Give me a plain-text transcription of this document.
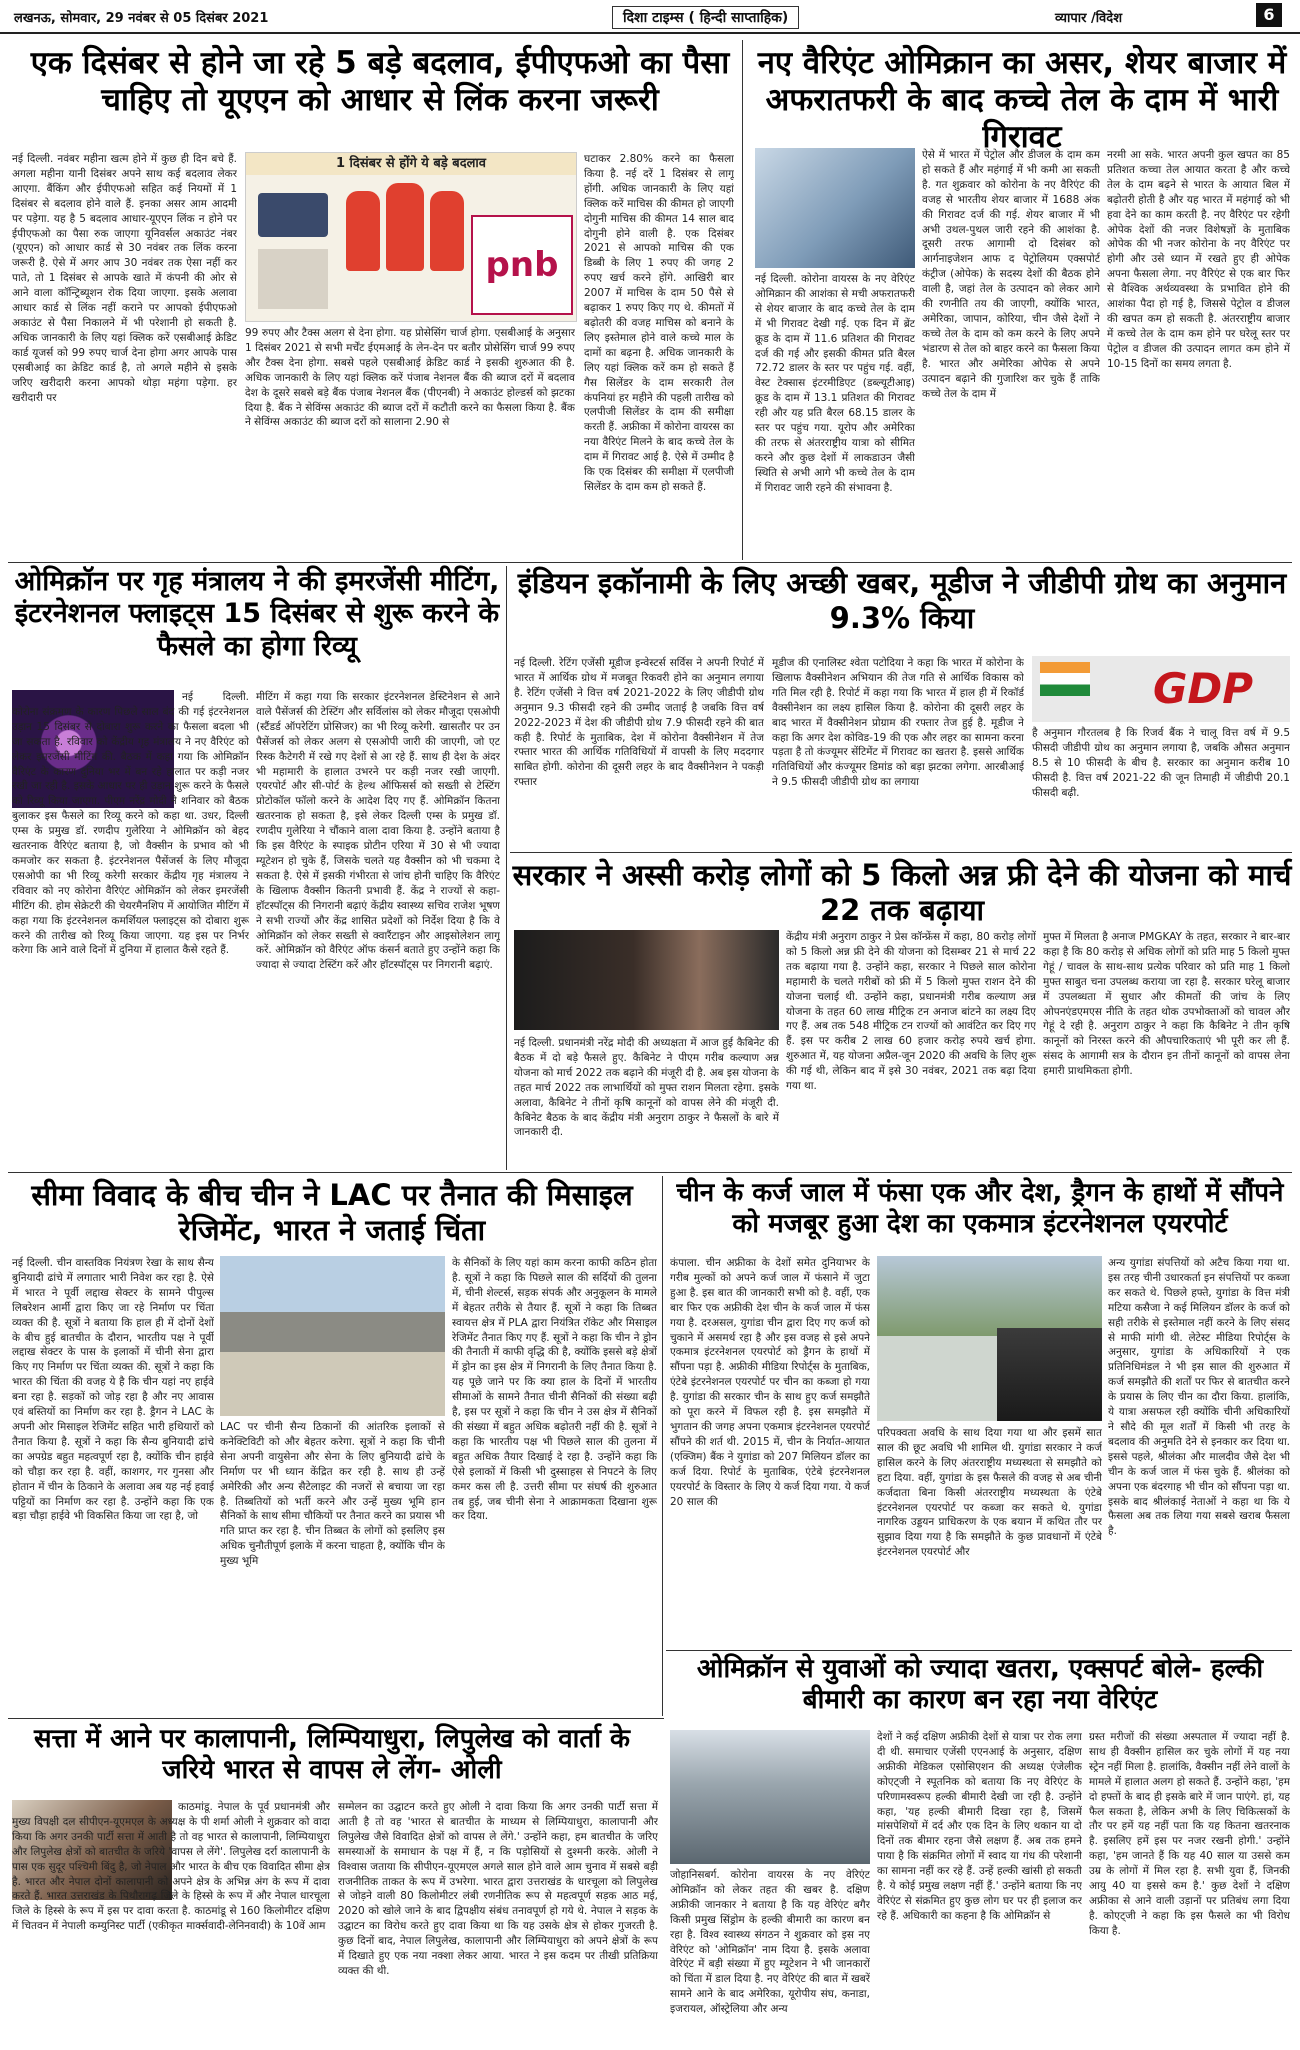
लखनऊ, सोमवार, 29 नवंबर से 05 दिसंबर 2021	दिशा टाइम्स ( हिन्दी साप्ताहिक)	व्यापार /विदेश	6
एक दिसंबर से होने जा रहे 5 बड़े बदलाव, ईपीएफओ का पैसा चाहिए तो यूएएन को आधार से लिंक करना जरूरी
नई दिल्ली. नवंबर महीना खत्म होने में कुछ ही दिन बचे हैं. अगला महीना यानी दिसंबर अपने साथ कई बदलाव लेकर आएगा. बैंकिंग और ईपीएफओ सहित कई नियमों में 1 दिसंबर से बदलाव होने वाले हैं. इनका असर आम आदमी पर पड़ेगा. यह है 5 बदलाव आधार-यूएएन लिंक न होने पर ईपीएफओ का पैसा रुक जाएगा यूनिवर्सल अकाउंट नंबर (यूएएन) को आधार कार्ड से 30 नवंबर तक लिंक करना जरूरी है. ऐसे में अगर आप 30 नवंबर तक ऐसा नहीं कर पाते, तो 1 दिसंबर से आपके खाते में कंपनी की ओर से आने वाला कॉन्ट्रिब्यूशन रोक दिया जाएगा. इसके अलावा आधार कार्ड से लिंक नहीं कराने पर आपको ईपीएफओ अकाउंट से पैसा निकालने में भी परेशानी हो सकती है. अधिक जानकारी के लिए यहां क्लिक करें एसबीआई क्रेडिट कार्ड यूजर्स को 99 रुपए चार्ज देना होगा अगर आपके पास एसबीआई का क्रेडिट कार्ड है, तो अगले महीने से इसके जरिए खरीदारी करना आपको थोड़ा महंगा पड़ेगा. हर खरीदारी पर
1 दिसंबर से होंगे ये बड़े बदलाव
pnb
99 रुपए और टैक्स अलग से देना होगा. यह प्रोसेसिंग चार्ज होगा. एसबीआई के अनुसार 1 दिसंबर 2021 से सभी मर्चेंट ईएमआई के लेन-देन पर बतौर प्रोसेसिंग चार्ज 99 रुपए और टैक्स देना होगा. सबसे पहले एसबीआई क्रेडिट कार्ड ने इसकी शुरुआत की है. अधिक जानकारी के लिए यहां क्लिक करें पंजाब नेशनल बैंक की ब्याज दरों में बदलाव देश के दूसरे सबसे बड़े बैंक पंजाब नेशनल बैंक (पीएनबी) ने अकाउंट होल्डर्स को झटका दिया है. बैंक ने सेविंग्स अकाउंट की ब्याज दरों में कटौती करने का फैसला किया है. बैंक ने सेविंग्स अकाउंट की ब्याज दरों को सालाना 2.90 से
घटाकर 2.80% करने का फैसला किया है. नई दरें 1 दिसंबर से लागू होंगी. अधिक जानकारी के लिए यहां क्लिक करें माचिस की कीमत हो जाएगी दोगुनी माचिस की कीमत 14 साल बाद दोगुनी होने वाली है. एक दिसंबर 2021 से आपको माचिस की एक डिब्बी के लिए 1 रुपए की जगह 2 रुपए खर्च करने होंगे. आखिरी बार 2007 में माचिस के दाम 50 पैसे से बढ़ाकर 1 रुपए किए गए थे. कीमतों में बढ़ोतरी की वजह माचिस को बनाने के लिए इस्तेमाल होने वाले कच्चे माल के दामों का बढ़ना है. अधिक जानकारी के लिए यहां क्लिक करें कम हो सकते हैं गैस सिलेंडर के दाम सरकारी तेल कंपनियां हर महीने की पहली तारीख को एलपीजी सिलेंडर के दाम की समीक्षा करती हैं. अफ्रीका में कोरोना वायरस का नया वैरिएंट मिलने के बाद कच्चे तेल के दाम में गिरावट आई है. ऐसे में उम्मीद है कि एक दिसंबर की समीक्षा में एलपीजी सिलेंडर के दाम कम हो सकते हैं.
नए वैरिएंट ओमिक्रान का असर, शेयर बाजार में अफरातफरी के बाद कच्चे तेल के दाम में भारी गिरावट
नई दिल्ली. कोरोना वायरस के नए वेरिएंट ओमिक्रान की आशंका से मची अफरातफरी से शेयर बाजार के बाद कच्चे तेल के दाम में भी गिरावट देखी गई. एक दिन में ब्रेंट क्रूड के दाम में 11.6 प्रतिशत की गिरावट दर्ज की गई और इसकी कीमत प्रति बैरल 72.72 डालर के स्तर पर पहुंच गई. वहीं, वेस्ट टेक्सास इंटरमीडिएट (डब्ल्यूटीआइ) क्रूड के दाम में 13.1 प्रतिशत की गिरावट रही और यह प्रति बैरल 68.15 डालर के स्तर पर पहुंच गया. यूरोप और अमेरिका की तरफ से अंतरराष्ट्रीय यात्रा को सीमित करने और कुछ देशों में लाकडाउन जैसी स्थिति से अभी आगे भी कच्चे तेल के दाम में गिरावट जारी रहने की संभावना है.
ऐसे में भारत में पेट्रोल और डीजल के दाम कम हो सकते हैं और महंगाई में भी कमी आ सकती है. गत शुक्रवार को कोरोना के नए वैरिएंट की वजह से भारतीय शेयर बाजार में 1688 अंक की गिरावट दर्ज की गई. शेयर बाजार में भी अभी उथल-पुथल जारी रहने की आशंका है. दूसरी तरफ आगामी दो दिसंबर को आर्गनाइजेशन आफ द पेट्रोलियम एक्सपोर्ट कंट्रीज (ओपेक) के सदस्य देशों की बैठक होने वाली है, जहां तेल के उत्पादन को लेकर आगे की रणनीति तय की जाएगी, क्योंकि भारत, अमेरिका, जापान, कोरिया, चीन जैसे देशों ने कच्चे तेल के दाम को कम करने के लिए अपने भंडारण से तेल को बाहर करने का फैसला किया है. भारत और अमेरिका ओपेक से अपने उत्पादन बढ़ाने की गुजारिश कर चुके हैं ताकि कच्चे तेल के दाम में
नरमी आ सके. भारत अपनी कुल खपत का 85 प्रतिशत कच्चा तेल आयात करता है और कच्चे तेल के दाम बढ़ने से भारत के आयात बिल में बढ़ोतरी होती है और यह भारत में महंगाई को भी हवा देने का काम करती है. नए वैरिएंट पर रहेगी ओपेक देशों की नजर विशेषज्ञों के मुताबिक ओपेक की भी नजर कोरोना के नए वैरिएंट पर होगी और उसे ध्यान में रखते हुए ही ओपेक अपना फैसला लेगा. नए वैरिएंट से एक बार फिर से वैश्विक अर्थव्यवस्था के प्रभावित होने की आशंका पैदा हो गई है, जिससे पेट्रोल व डीजल की खपत कम हो सकती है. अंतरराष्ट्रीय बाजार में कच्चे तेल के दाम कम होने पर घरेलू स्तर पर पेट्रोल व डीजल की उत्पादन लागत कम होने में 10-15 दिनों का समय लगता है.
ओमिक्रॉन पर गृह मंत्रालय ने की इमरजेंसी मीटिंग, इंटरनेशनल फ्लाइट्स 15 दिसंबर से शुरू करने के फैसले का होगा रिव्यू
नई दिल्ली. कोरोना संक्रमण के कारण पिछले साल बंद की गई इंटरनेशनल उड़ान 15 दिसंबर से दोबारा शुरू करने का फैसला बदला भी जा सकता है. रविवार को केंद्रीय गृह मंत्रालय ने नए वैरिएंट को लेकर इमरजेंसी मीटिंग की. बैठक में कहा गया कि ओमिक्रॉन वैरिएंट के कारण दुनिया भर में बन रहे हालात पर कड़ी नजर रखी जा रही है. इसके आधार पर ही उड़ान शुरू करने के फैसले को रिव्यू किया जाएगा. पीएम नरेंद्र मोदी ने शनिवार को बैठक बुलाकर इस फैसले का रिव्यू करने को कहा था. उधर, दिल्ली एम्स के प्रमुख डॉ. रणदीप गुलेरिया ने ओमिक्रॉन को बेहद खतरनाक वैरिएंट बताया है, जो वैक्सीन के प्रभाव को भी कमजोर कर सकता है. इंटरनेशनल पैसेंजर्स के लिए मौजूदा एसओपी का भी रिव्यू करेगी सरकार केंद्रीय गृह मंत्रालय ने रविवार को नए कोरोना वैरिएंट ओमिक्रॉन को लेकर इमरजेंसी मीटिंग की. होम सेक्रेटरी की चेयरमैनशिप में आयोजित मीटिंग में कहा गया कि इंटरनेशनल कमर्शियल फ्लाइट्स को दोबारा शुरू करने की तारीख को रिव्यू किया जाएगा. यह इस पर निर्भर करेगा कि आने वाले दिनों में दुनिया में हालात कैसे रहते हैं.
मीटिंग में कहा गया कि सरकार इंटरनेशनल डेस्टिनेशन से आने वाले पैसेंजर्स की टेस्टिंग और सर्विलांस को लेकर मौजूदा एसओपी (स्टैंडर्ड ऑपरेटिंग प्रोसिजर) का भी रिव्यू करेगी. खासतौर पर उन पैसेंजर्स को लेकर अलग से एसओपी जारी की जाएगी, जो एट रिस्क कैटेगरी में रखे गए देशों से आ रहे हैं. साथ ही देश के अंदर भी महामारी के हालात उभरने पर कड़ी नजर रखी जाएगी. एयरपोर्ट और सी-पोर्ट के हेल्थ ऑफिसर्स को सख्ती से टेस्टिंग प्रोटोकॉल फॉलो करने के आदेश दिए गए हैं. ओमिक्रॉन कितना खतरनाक हो सकता है, इसे लेकर दिल्ली एम्स के प्रमुख डॉ. रणदीप गुलेरिया ने चौंकाने वाला दावा किया है. उन्होंने बताया है कि इस वैरिएंट के स्पाइक प्रोटीन एरिया में 30 से भी ज्यादा म्यूटेशन हो चुके हैं, जिसके चलते यह वैक्सीन को भी चकमा दे सकता है. ऐसे में इसकी गंभीरता से जांच होनी चाहिए कि वैरिएंट के खिलाफ वैक्सीन कितनी प्रभावी हैं. केंद्र ने राज्यों से कहा- हॉटस्पॉट्स की निगरानी बढ़ाएं केंद्रीय स्वास्थ्य सचिव राजेश भूषण ने सभी राज्यों और केंद्र शासित प्रदेशों को निर्देश दिया है कि वे ओमिक्रॉन को लेकर सख्ती से क्वारैंटाइन और आइसोलेशन लागू करें. ओमिक्रॉन को वैरिएंट ऑफ कंसर्न बताते हुए उन्होंने कहा कि ज्यादा से ज्यादा टेस्टिंग करें और हॉटस्पॉट्स पर निगरानी बढ़ाएं.
इंडियन इकॉनामी के लिए अच्छी खबर, मूडीज ने जीडीपी ग्रोथ का अनुमान 9.3% किया
नई दिल्ली. रेटिंग एजेंसी मूडीज इन्वेस्टर्स सर्विस ने अपनी रिपोर्ट में भारत में आर्थिक ग्रोथ में मजबूत रिकवरी होने का अनुमान लगाया है. रेटिंग एजेंसी ने वित्त वर्ष 2021-2022 के लिए जीडीपी ग्रोथ अनुमान 9.3 फीसदी रहने की उम्मीद जताई है जबकि वित्त वर्ष 2022-2023 में देश की जीडीपी ग्रोथ 7.9 फीसदी रहने की बात कही है. रिपोर्ट के मुताबिक, देश में कोरोना वैक्सीनेशन में तेज रफ्तार भारत की आर्थिक गतिविधियों में वापसी के लिए मददगार साबित होगी. कोरोना की दूसरी लहर के बाद वैक्सीनेशन ने पकड़ी रफ्तार
मूडीज की एनालिस्ट श्वेता पटोदिया ने कहा कि भारत में कोरोना के खिलाफ वैक्सीनेशन अभियान की तेज गति से आर्थिक विकास को गति मिल रही है. रिपोर्ट में कहा गया कि भारत में हाल ही में रिकॉर्ड वैक्सीनेशन का लक्ष्य हासिल किया है. कोरोना की दूसरी लहर के बाद भारत में वैक्सीनेशन प्रोग्राम की रफ्तार तेज हुई है. मूडीज ने कहा कि अगर देश कोविड-19 की एक और लहर का सामना करना पड़ता है तो कंज्यूमर सेंटिमेंट में गिरावट का खतरा है. इससे आर्थिक गतिविधियों और कंज्यूमर डिमांड को बड़ा झटका लगेगा. आरबीआई ने 9.5 फीसदी जीडीपी ग्रोथ का लगाया
GDP
है अनुमान गौरतलब है कि रिजर्व बैंक ने चालू वित्त वर्ष में 9.5 फीसदी जीडीपी ग्रोथ का अनुमान लगाया है, जबकि औसत अनुमान 8.5 से 10 फीसदी के बीच है. सरकार का अनुमान करीब 10 फीसदी है. वित्त वर्ष 2021-22 की जून तिमाही में जीडीपी 20.1 फीसदी बढ़ी.
सरकार ने अस्सी करोड़ लोगों को 5 किलो अन्न फ्री देने की योजना को मार्च 22 तक बढ़ाया
नई दिल्ली. प्रधानमंत्री नरेंद्र मोदी की अध्यक्षता में आज हुई कैबिनेट की बैठक में दो बड़े फैसले हुए. कैबिनेट ने पीएम गरीब कल्याण अन्न योजना को मार्च 2022 तक बढ़ाने की मंजूरी दी है. अब इस योजना के तहत मार्च 2022 तक लाभार्थियों को मुफ्त राशन मिलता रहेगा. इसके अलावा, कैबिनेट ने तीनों कृषि कानूनों को वापस लेने की मंजूरी दी. कैबिनेट बैठक के बाद केंद्रीय मंत्री अनुराग ठाकुर ने फैसलों के बारे में जानकारी दी.
केंद्रीय मंत्री अनुराग ठाकुर ने प्रेस कॉन्फ्रेंस में कहा, 80 करोड़ लोगों को 5 किलो अन्न फ्री देने की योजना को दिसम्बर 21 से मार्च 22 तक बढ़ाया गया है. उन्होंने कहा, सरकार ने पिछले साल कोरोना महामारी के चलते गरीबों को फ्री में 5 किलो मुफ्त राशन देने की योजना चलाई थी. उन्होंने कहा, प्रधानमंत्री गरीब कल्याण अन्न योजना के तहत 60 लाख मीट्रिक टन अनाज बांटने का लक्ष्य दिए गए हैं. अब तक 548 मीट्रिक टन राज्यों को आवंटित कर दिए गए हैं. इस पर करीब 2 लाख 60 हजार करोड़ रुपये खर्च होगा. शुरुआत में, यह योजना अप्रैल-जून 2020 की अवधि के लिए शुरू की गई थी, लेकिन बाद में इसे 30 नवंबर, 2021 तक बढ़ा दिया गया था.
मुफ्त में मिलता है अनाज PMGKAY के तहत, सरकार ने बार-बार कहा है कि 80 करोड़ से अधिक लोगों को प्रति माह 5 किलो मुफ्त गेहूं / चावल के साथ-साथ प्रत्येक परिवार को प्रति माह 1 किलो मुफ्त साबुत चना उपलब्ध कराया जा रहा है. सरकार घरेलू बाजार में उपलब्धता में सुधार और कीमतों की जांच के लिए ओपनएंडएमएस नीति के तहत थोक उपभोक्ताओं को चावल और गेहूं दे रही है. अनुराग ठाकुर ने कहा कि कैबिनेट ने तीन कृषि कानूनों को निरस्त करने की औपचारिकताएं भी पूरी कर ली हैं. संसद के आगामी सत्र के दौरान इन तीनों कानूनों को वापस लेना हमारी प्राथमिकता होगी.
सीमा विवाद के बीच चीन ने LAC पर तैनात की मिसाइल रेजिमेंट, भारत ने जताई चिंता
नई दिल्ली. चीन वास्तविक नियंत्रण रेखा के साथ सैन्य बुनियादी ढांचे में लगातार भारी निवेश कर रहा है. ऐसे में भारत ने पूर्वी लद्दाख सेक्टर के सामने पीपुल्स लिबरेशन आर्मी द्वारा किए जा रहे निर्माण पर चिंता व्यक्त की है. सूत्रों ने बताया कि हाल ही में दोनों देशों के बीच हुई बातचीत के दौरान, भारतीय पक्ष ने पूर्वी लद्दाख सेक्टर के पास के इलाकों में चीनी सेना द्वारा किए गए निर्माण पर चिंता व्यक्त की. सूत्रों ने कहा कि भारत की चिंता की वजह ये है कि चीन यहां नए हाईवे बना रहा है. सड़कों को जोड़ रहा है और नए आवास एवं बस्तियों का निर्माण कर रहा है. ड्रैगन ने LAC के अपनी ओर मिसाइल रेजिमेंट सहित भारी हथियारों को तैनात किया है. सूत्रों ने कहा कि सैन्य बुनियादी ढांचे का अपग्रेड बहुत महत्वपूर्ण रहा है, क्योंकि चीन हाईवे को चौड़ा कर रहा है. वहीं, काशगर, गर गुनसा और होतान में चीन के ठिकाने के अलावा अब यह नई हवाई पट्टियों का निर्माण कर रहा है. उन्होंने कहा कि एक बड़ा चौड़ा हाईवे भी विकसित किया जा रहा है, जो
LAC पर चीनी सैन्य ठिकानों की आंतरिक इलाकों से कनेक्टिविटी को और बेहतर करेगा. सूत्रों ने कहा कि चीनी सेना अपनी वायुसेना और सेना के लिए बुनियादी ढांचे के निर्माण पर भी ध्यान केंद्रित कर रही है. साथ ही उन्हें अमेरिकी और अन्य सैटेलाइट की नजरों से बचाया जा रहा है. तिब्बतियों को भर्ती करने और उन्हें मुख्य भूमि हान सैनिकों के साथ सीमा चौकियों पर तैनात करने का प्रयास भी गति प्राप्त कर रहा है. चीन तिब्बत के लोगों को इसलिए इस अधिक चुनौतीपूर्ण इलाके में करना चाहता है, क्योंकि चीन के मुख्य भूमि
के सैनिकों के लिए यहां काम करना काफी कठिन होता है. सूत्रों ने कहा कि पिछले साल की सर्दियों की तुलना में, चीनी शेल्टर्स, सड़क संपर्क और अनुकूलन के मामले में बेहतर तरीके से तैयार हैं. सूत्रों ने कहा कि तिब्बत स्वायत्त क्षेत्र में PLA द्वारा नियंत्रित रॉकेट और मिसाइल रेजिमेंट तैनात किए गए हैं. सूत्रों ने कहा कि चीन ने ड्रोन की तैनाती में काफी वृद्धि की है, क्योंकि इससे बड़े क्षेत्रों में ड्रोन का इस क्षेत्र में निगरानी के लिए तैनात किया है. यह पूछे जाने पर कि क्या हाल के दिनों में भारतीय सीमाओं के सामने तैनात चीनी सैनिकों की संख्या बढ़ी है, इस पर सूत्रों ने कहा कि चीन ने उस क्षेत्र में सैनिकों की संख्या में बहुत अधिक बढ़ोतरी नहीं की है. सूत्रों ने कहा कि भारतीय पक्ष भी पिछले साल की तुलना में बहुत अधिक तैयार दिखाई दे रहा है. उन्होंने कहा कि ऐसे इलाकों में किसी भी दुस्साहस से निपटने के लिए कमर कस ली है. उत्तरी सीमा पर संघर्ष की शुरुआत तब हुई, जब चीनी सेना ने आक्रामकता दिखाना शुरू कर दिया.
चीन के कर्ज जाल में फंसा एक और देश, ड्रैगन के हाथों में सौंपने को मजबूर हुआ देश का एकमात्र इंटरनेशनल एयरपोर्ट
कंपाला. चीन अफ्रीका के देशों समेत दुनियाभर के गरीब मुल्कों को अपने कर्ज जाल में फंसाने में जुटा हुआ है. इस बात की जानकारी सभी को है. वहीं, एक बार फिर एक अफ्रीकी देश चीन के कर्ज जाल में फंस गया है. दरअसल, युगांडा चीन द्वारा दिए गए कर्ज को चुकाने में असमर्थ रहा है और इस वजह से इसे अपने एकमात्र इंटरनेशनल एयरपोर्ट को ड्रैगन के हाथों में सौंपना पड़ा है. अफ्रीकी मीडिया रिपोर्ट्स के मुताबिक, एंटेबे इंटरनेशनल एयरपोर्ट पर चीन का कब्जा हो गया है. युगांडा की सरकार चीन के साथ हुए कर्ज समझौते को पूरा करने में विफल रही है. इस समझौते में भुगतान की जगह अपना एकमात्र इंटरनेशनल एयरपोर्ट सौंपने की शर्त थी. 2015 में, चीन के निर्यात-आयात (एक्जिम) बैंक ने युगांडा को 207 मिलियन डॉलर का कर्ज दिया. रिपोर्ट के मुताबिक, एंटेबे इंटरनेशनल एयरपोर्ट के विस्तार के लिए ये कर्ज दिया गया. ये कर्ज 20 साल की
परिपक्वता अवधि के साथ दिया गया था और इसमें सात साल की छूट अवधि भी शामिल थी. युगांडा सरकार ने कर्ज हासिल करने के लिए अंतरराष्ट्रीय मध्यस्थता से समझौते को हटा दिया. वहीं, युगांडा के इस फैसले की वजह से अब चीनी कर्जदाता बिना किसी अंतरराष्ट्रीय मध्यस्थता के एंटेबे इंटरनेशनल एयरपोर्ट पर कब्जा कर सकते थे. युगांडा नागरिक उड्डयन प्राधिकरण के एक बयान में कथित तौर पर सुझाव दिया गया है कि समझौते के कुछ प्रावधानों में एंटेबे इंटरनेशनल एयरपोर्ट और
अन्य युगांडा संपत्तियों को अटैच किया गया था. इस तरह चीनी उधारकर्ता इन संपत्तियों पर कब्जा कर सकते थे. पिछले हफ्ते, युगांडा के वित्त मंत्री मटिया कसैजा ने कई मिलियन डॉलर के कर्ज को सही तरीके से इस्तेमाल नहीं करने के लिए संसद से माफी मांगी थी. लेटेस्ट मीडिया रिपोर्ट्स के अनुसार, युगांडा के अधिकारियों ने एक प्रतिनिधिमंडल ने भी इस साल की शुरुआत में कर्ज समझौते की शर्तों पर फिर से बातचीत करने के प्रयास के लिए चीन का दौरा किया. हालांकि, ये यात्रा असफल रही क्योंकि चीनी अधिकारियों ने सौदे की मूल शर्तों में किसी भी तरह के बदलाव की अनुमति देने से इनकार कर दिया था. इससे पहले, श्रीलंका और मालदीव जैसे देश भी चीन के कर्ज जाल में फंस चुके हैं. श्रीलंका को अपना एक बंदरगाह भी चीन को सौंपना पड़ा था. इसके बाद श्रीलंकाई नेताओं ने कहा था कि ये फैसला अब तक लिया गया सबसे खराब फैसला है.
सत्ता में आने पर कालापानी, लिम्पियाधुरा, लिपुलेख को वार्ता के जरिये भारत से वापस ले लेंग- ओली
काठमांडू. नेपाल के पूर्व प्रधानमंत्री और मुख्य विपक्षी दल सीपीएन-यूएमएल के अध्यक्ष के पी शर्मा ओली ने शुक्रवार को वादा किया कि अगर उनकी पार्टी सत्ता में आती है तो वह भारत से कालापानी, लिम्पियाधुरा और लिपुलेख क्षेत्रों को बातचीत के जरिये 'वापस ले लेंगे'. लिपुलेख दर्रा कालापानी के पास एक सुदूर पश्चिमी बिंदु है, जो नेपाल और भारत के बीच एक विवादित सीमा क्षेत्र है. भारत और नेपाल दोनों कालापानी को अपने क्षेत्र के अभिन्न अंग के रूप में दावा करते हैं. भारत उत्तराखंड के पिथौरागढ़ जिले के हिस्से के रूप में और नेपाल धारचूला जिले के हिस्से के रूप में इस पर दावा करता है. काठमांडू से 160 किलोमीटर दक्षिण में चितवन में नेपाली कम्युनिस्ट पार्टी (एकीकृत मार्क्सवादी-लेनिनवादी) के 10वें आम
सम्मेलन का उद्घाटन करते हुए ओली ने दावा किया कि अगर उनकी पार्टी सत्ता में आती है तो वह 'भारत से बातचीत के माध्यम से लिम्पियाधुरा, कालापानी और लिपुलेख जैसे विवादित क्षेत्रों को वापस ले लेंगे.' उन्होंने कहा, हम बातचीत के जरिए समस्याओं के समाधान के पक्ष में हैं, न कि पड़ोसियों से दुश्मनी करके. ओली ने विश्वास जताया कि सीपीएन-यूएमएल अगले साल होने वाले आम चुनाव में सबसे बड़ी राजनीतिक ताकत के रूप में उभरेगा. भारत द्वारा उत्तराखंड के धारचूला को लिपुलेख से जोड़ने वाली 80 किलोमीटर लंबी रणनीतिक रूप से महत्वपूर्ण सड़क आठ मई, 2020 को खोले जाने के बाद द्विपक्षीय संबंध तनावपूर्ण हो गये थे. नेपाल ने सड़क के उद्घाटन का विरोध करते हुए दावा किया था कि यह उसके क्षेत्र से होकर गुजरती है. कुछ दिनों बाद, नेपाल लिपुलेख, कालापानी और लिम्पियाधुरा को अपने क्षेत्रों के रूप में दिखाते हुए एक नया नक्शा लेकर आया. भारत ने इस कदम पर तीखी प्रतिक्रिया व्यक्त की थी.
ओमिक्रॉन से युवाओं को ज्यादा खतरा, एक्सपर्ट बोले- हल्की बीमारी का कारण बन रहा नया वेरिएंट
जोहानिसबर्ग. कोरोना वायरस के नए वेरिएंट ओमिक्रॉन को लेकर तहत की खबर है. दक्षिण अफ्रीकी जानकार ने बताया है कि यह वेरिएंट बगैर किसी प्रमुख सिंड्रोम के हल्की बीमारी का कारण बन रहा है. विश्व स्वास्थ्य संगठन ने शुक्रवार को इस नए वेरिएंट को 'ओमिक्रॉन' नाम दिया है. इसके अलावा वेरिएंट में बड़ी संख्या में हुए म्यूटेशन ने भी जानकारों को चिंता में डाल दिया है. नए वेरिएंट की बात में खबरें सामने आने के बाद अमेरिका, यूरोपीय संघ, कनाडा, इजरायल, ऑस्ट्रेलिया और अन्य
देशों ने कई दक्षिण अफ्रीकी देशों से यात्रा पर रोक लगा दी थी. समाचार एजेंसी एएनआई के अनुसार, दक्षिण अफ्रीकी मेडिकल एसोसिएशन की अध्यक्ष एंजेलीक कोएट्जी ने स्पूतनिक को बताया कि नए वेरिएंट के परिणामस्वरूप हल्की बीमारी देखी जा रही है. उन्होंने कहा, 'यह हल्की बीमारी दिखा रहा है, जिसमें मांसपेशियों में दर्द और एक दिन के लिए थकान या दो दिनों तक बीमार रहना जैसे लक्षण हैं. अब तक हमने पाया है कि संक्रमित लोगों में स्वाद या गंध की परेशानी का सामना नहीं कर रहे हैं. उन्हें हल्की खांसी हो सकती है. ये कोई प्रमुख लक्षण नहीं हैं.' उन्होंने बताया कि नए वेरिएंट से संक्रमित हुए कुछ लोग घर पर ही इलाज कर रहे हैं. अधिकारी का कहना है कि ओमिक्रॉन से
ग्रस्त मरीजों की संख्या अस्पताल में ज्यादा नहीं है. साथ ही वैक्सीन हासिल कर चुके लोगों में यह नया स्ट्रेन नहीं मिला है. हालांकि, वैक्सीन नहीं लेने वालों के मामले में हालात अलग हो सकते हैं. उन्होंने कहा, 'हम दो हफ्तों के बाद ही इसके बारे में जान पाएंगे. हां, यह फैल सकता है, लेकिन अभी के लिए चिकित्सकों के तौर पर हमें यह नहीं पता कि यह कितना खतरनाक है. इसलिए हमें इस पर नजर रखनी होगी.' उन्होंने कहा, 'हम जानते हैं कि यह 40 साल या उससे कम उम्र के लोगों में मिल रहा है. सभी युवा हैं, जिनकी आयु 40 या इससे कम है.' कुछ देशों ने दक्षिण अफ्रीका से आने वाली उड़ानों पर प्रतिबंध लगा दिया है. कोएट्जी ने कहा कि इस फैसले का भी विरोध किया है.
